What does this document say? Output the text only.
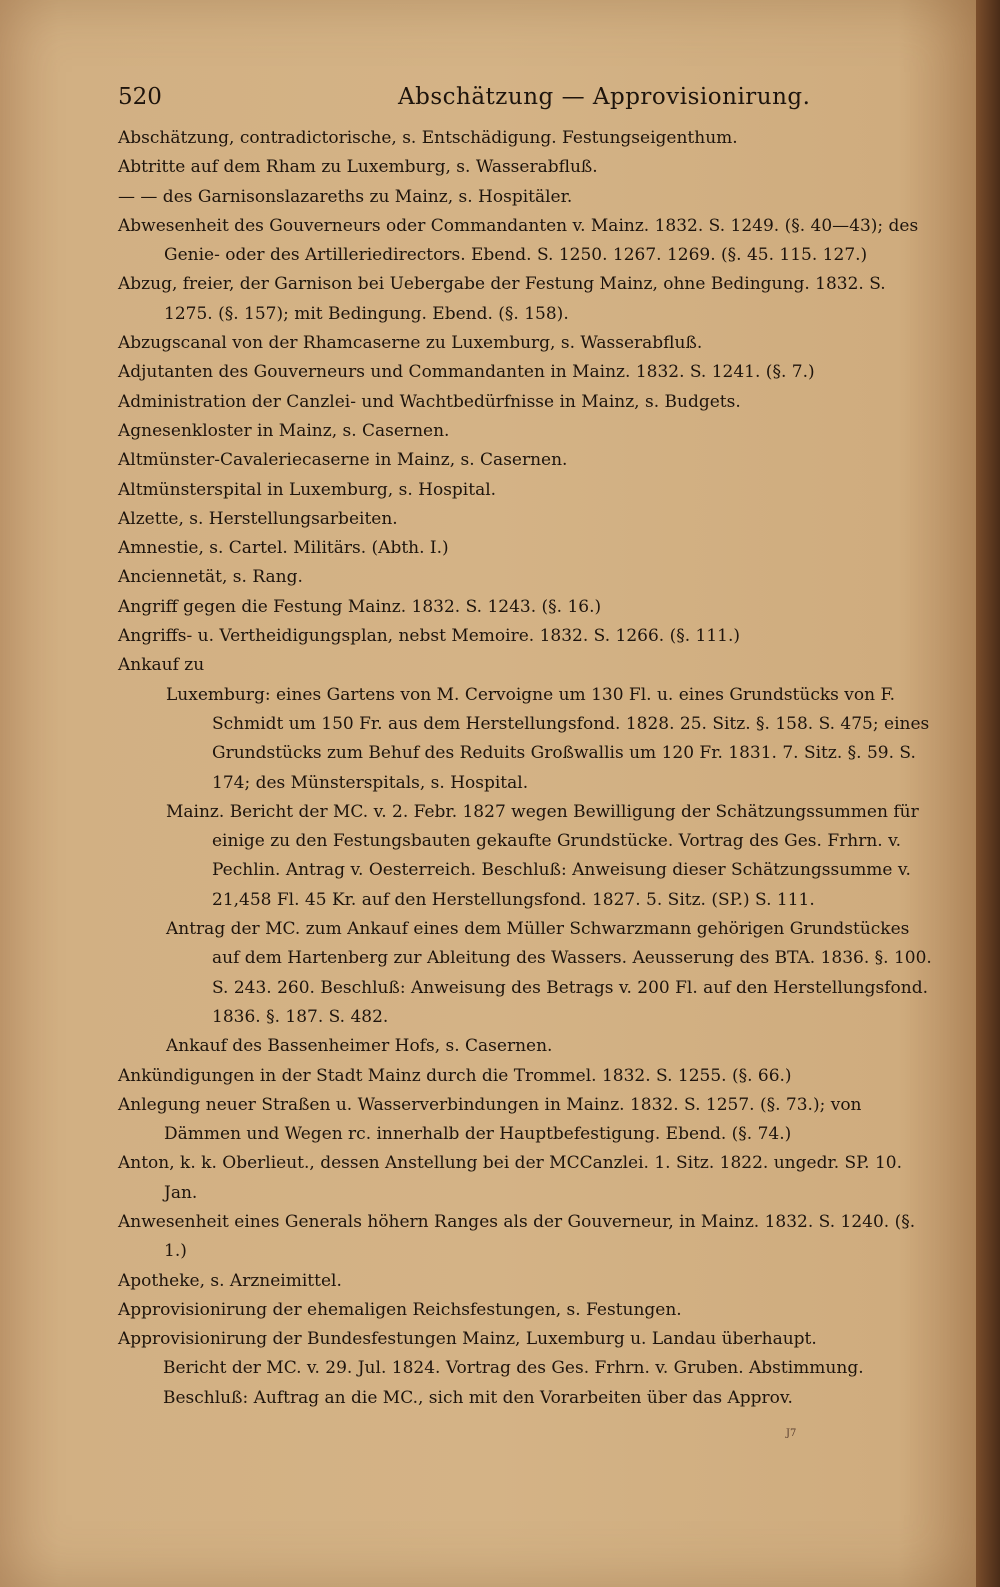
520	Abschätzung — Approvisionirung.

Abschätzung, contradictorische, s. Entschädigung. Festungseigenthum.

Abtritte auf dem Rham zu Luxemburg, s. Wasserabfluß.

— — des Garnisonslazareths zu Mainz, s. Hospitäler.

Abwesenheit des Gouverneurs oder Commandanten v. Mainz. 1832. S. 1249. (§. 40—43); des Genie- oder des Artilleriedirectors. Ebend. S. 1250. 1267. 1269. (§. 45. 115. 127.)

Abzug, freier, der Garnison bei Uebergabe der Festung Mainz, ohne Bedingung. 1832. S. 1275. (§. 157); mit Bedingung. Ebend. (§. 158).

Abzugscanal von der Rhamcaserne zu Luxemburg, s. Wasserabfluß.

Adjutanten des Gouverneurs und Commandanten in Mainz. 1832. S. 1241. (§. 7.)

Administration der Canzlei- und Wachtbedürfnisse in Mainz, s. Budgets.

Agnesenkloster in Mainz, s. Casernen.

Altmünster-Cavaleriecaserne in Mainz, s. Casernen.

Altmünsterspital in Luxemburg, s. Hospital.

Alzette, s. Herstellungsarbeiten.

Amnestie, s. Cartel. Militärs. (Abth. I.)

Anciennetät, s. Rang.

Angriff gegen die Festung Mainz. 1832. S. 1243. (§. 16.)

Angriffs- u. Vertheidigungsplan, nebst Memoire. 1832. S. 1266. (§. 111.)

Ankauf zu

Luxemburg: eines Gartens von M. Cervoigne um 130 Fl. u. eines Grundstücks von F. Schmidt um 150 Fr. aus dem Herstellungsfond. 1828. 25. Sitz. §. 158. S. 475; eines Grundstücks zum Behuf des Reduits Großwallis um 120 Fr. 1831. 7. Sitz. §. 59. S. 174; des Münsterspitals, s. Hospital.

Mainz. Bericht der MC. v. 2. Febr. 1827 wegen Bewilligung der Schätzungssummen für einige zu den Festungsbauten gekaufte Grundstücke. Vortrag des Ges. Frhrn. v. Pechlin. Antrag v. Oesterreich. Beschluß: Anweisung dieser Schätzungssumme v. 21,458 Fl. 45 Kr. auf den Herstellungsfond. 1827. 5. Sitz. (SP.) S. 111.

Antrag der MC. zum Ankauf eines dem Müller Schwarzmann gehörigen Grundstückes auf dem Hartenberg zur Ableitung des Wassers. Aeusserung des BTA. 1836. §. 100. S. 243. 260. Beschluß: Anweisung des Betrags v. 200 Fl. auf den Herstellungsfond. 1836. §. 187. S. 482.

Ankauf des Bassenheimer Hofs, s. Casernen.

Ankündigungen in der Stadt Mainz durch die Trommel. 1832. S. 1255. (§. 66.)

Anlegung neuer Straßen u. Wasserverbindungen in Mainz. 1832. S. 1257. (§. 73.); von Dämmen und Wegen rc. innerhalb der Hauptbefestigung. Ebend. (§. 74.)

Anton, k. k. Oberlieut., dessen Anstellung bei der MCCanzlei. 1. Sitz. 1822. ungedr. SP. 10. Jan.

Anwesenheit eines Generals höhern Ranges als der Gouverneur, in Mainz. 1832. S. 1240. (§. 1.)

Apotheke, s. Arzneimittel.

Approvisionirung der ehemaligen Reichsfestungen, s. Festungen.

Approvisionirung der Bundesfestungen Mainz, Luxemburg u. Landau überhaupt.

Bericht der MC. v. 29. Jul. 1824. Vortrag des Ges. Frhrn. v. Gruben. Abstimmung. Beschluß: Auftrag an die MC., sich mit den Vorarbeiten über das Approv.

J7
